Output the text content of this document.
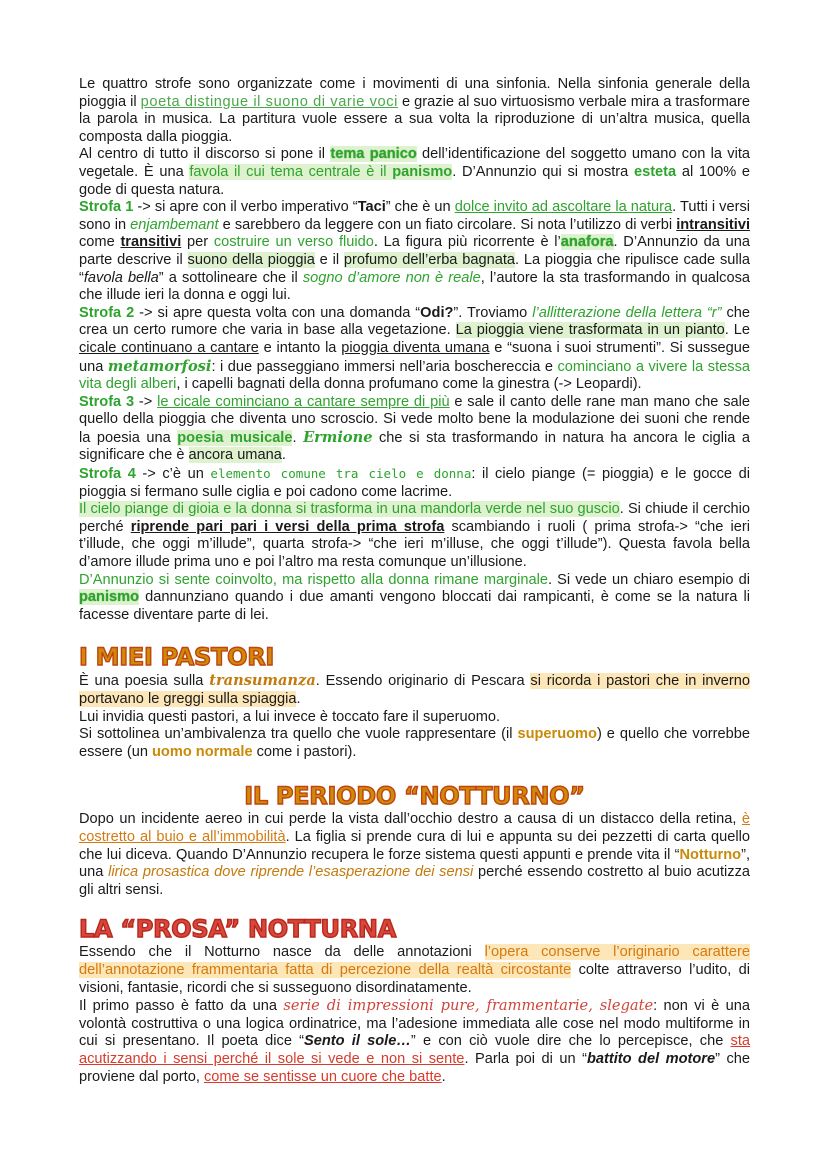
Le quattro strofe sono organizzate come i movimenti di una sinfonia. Nella sinfonia generale della pioggia il poeta distingue il suono di varie voci e grazie al suo virtuosismo verbale mira a trasformare la parola in musica. La partitura vuole essere a sua volta la riproduzione di un’altra musica, quella composta dalla pioggia.

Al centro di tutto il discorso si pone il tema panico dell’identificazione del soggetto umano con la vita vegetale. È una favola il cui tema centrale è il panismo. D’Annunzio qui si mostra esteta al 100% e gode di questa natura.

Strofa 1 -> si apre con il verbo imperativo “Taci” che è un dolce invito ad ascoltare la natura. Tutti i versi sono in enjambemant e sarebbero da leggere con un fiato circolare. Si nota l’utilizzo di verbi intransitivi come transitivi per costruire un verso fluido. La figura più ricorrente è l’anafora. D’Annunzio da una parte descrive il suono della pioggia e il profumo dell’erba bagnata. La pioggia che ripulisce cade sulla “favola bella” a sottolineare che il sogno d’amore non è reale, l’autore la sta trasformando in qualcosa che illude ieri la donna e oggi lui.

Strofa 2 -> si apre questa volta con una domanda “Odi?”. Troviamo l’allitterazione della lettera “r” che crea un certo rumore che varia in base alla vegetazione. La pioggia viene trasformata in un pianto. Le cicale continuano a cantare e intanto la pioggia diventa umana e “suona i suoi strumenti”. Si sussegue una metamorfosi: i due passeggiano immersi nell’aria boschereccia e cominciano a vivere la stessa vita degli alberi, i capelli bagnati della donna profumano come la ginestra (-> Leopardi).

Strofa 3 -> le cicale cominciano a cantare sempre di più e sale il canto delle rane man mano che sale quello della pioggia che diventa uno scroscio. Si vede molto bene la modulazione dei suoni che rende la poesia una poesia musicale. Ermione che si sta trasformando in natura ha ancora le ciglia a significare che è ancora umana.

Strofa 4 -> c’è un elemento comune tra cielo e donna: il cielo piange (= pioggia) e le gocce di pioggia si fermano sulle ciglia e poi cadono come lacrime.

Il cielo piange di gioia e la donna si trasforma in una mandorla verde nel suo guscio. Si chiude il cerchio perché riprende pari pari i versi della prima strofa scambiando i ruoli ( prima strofa-> “che ieri t’illude, che oggi m’illude”, quarta strofa-> “che ieri m’illuse, che oggi t’illude”). Questa favola bella d’amore illude prima uno e poi l’altro ma resta comunque un’illusione.

D’Annunzio si sente coinvolto, ma rispetto alla donna rimane marginale. Si vede un chiaro esempio di panismo dannunziano quando i due amanti vengono bloccati dai rampicanti, è come se la natura li facesse diventare parte di lei.

I MIEI PASTORI

È una poesia sulla transumanza. Essendo originario di Pescara si ricorda i pastori che in inverno portavano le greggi sulla spiaggia.

Lui invidia questi pastori, a lui invece è toccato fare il superuomo.

Si sottolinea un’ambivalenza tra quello che vuole rappresentare (il superuomo) e quello che vorrebbe essere (un uomo normale come i pastori).

IL PERIODO “NOTTURNO”

Dopo un incidente aereo in cui perde la vista dall’occhio destro a causa di un distacco della retina, è costretto al buio e all’immobilità. La figlia si prende cura di lui e appunta su dei pezzetti di carta quello che lui diceva. Quando D’Annunzio recupera le forze sistema questi appunti e prende vita il “Notturno”, una lirica prosastica dove riprende l’esasperazione dei sensi perché essendo costretto al buio acutizza gli altri sensi.

LA “PROSA” NOTTURNA

Essendo che il Notturno nasce da delle annotazioni l’opera conserve l’originario carattere dell’annotazione frammentaria fatta di percezione della realtà circostante colte attraverso l’udito, di visioni, fantasie, ricordi che si susseguono disordinatamente.

Il primo passo è fatto da una serie di impressioni pure, frammentarie, slegate: non vi è una volontà costruttiva o una logica ordinatrice, ma l’adesione immediata alle cose nel modo multiforme in cui si presentano. Il poeta dice “Sento il sole…” e con ciò vuole dire che lo percepisce, che sta acutizzando i sensi perché il sole si vede e non si sente. Parla poi di un “battito del motore” che proviene dal porto, come se sentisse un cuore che batte.
